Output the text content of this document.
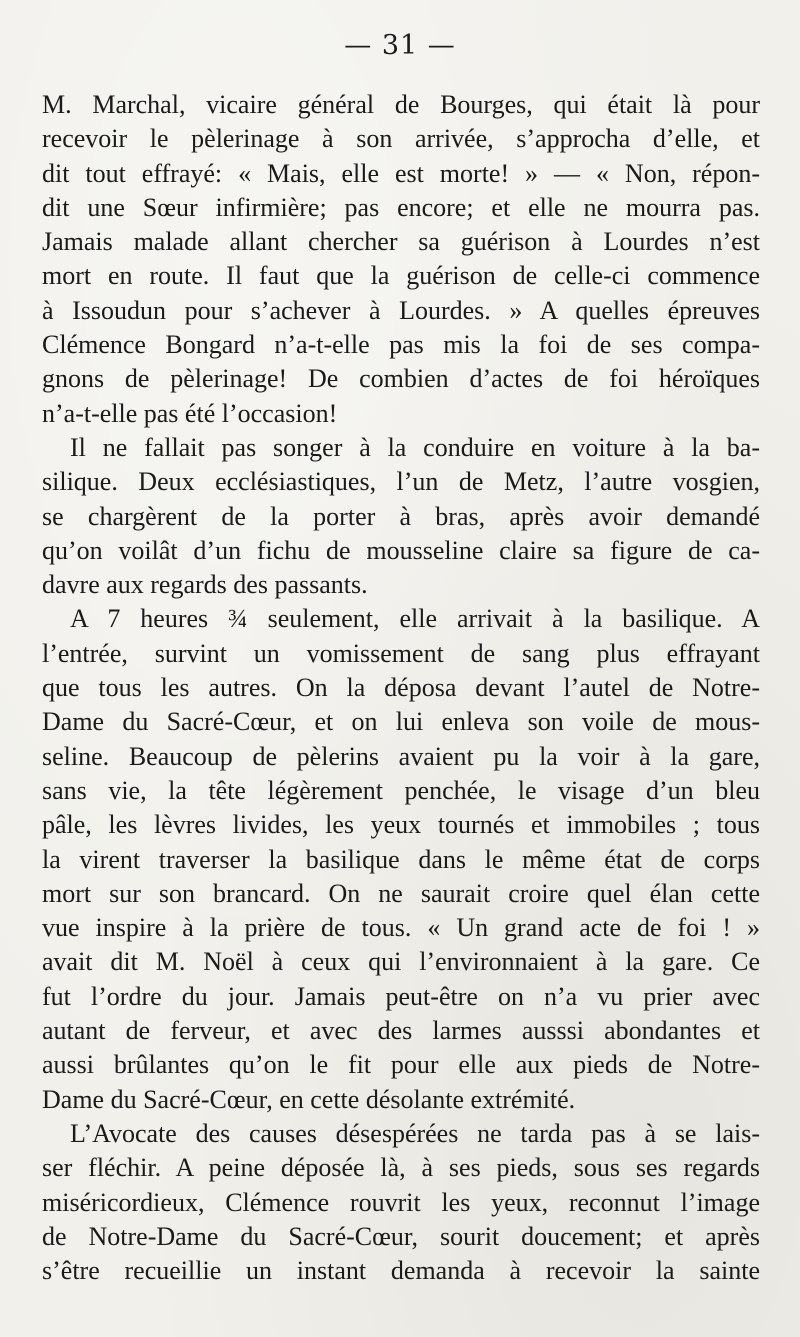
— 31 —
M. Marchal, vicaire général de Bourges, qui était là pour
recevoir le pèlerinage à son arrivée, s’approcha d’elle, et
dit tout effrayé: « Mais, elle est morte! » — « Non, répon-
dit une Sœur infirmière; pas encore; et elle ne mourra pas.
Jamais malade allant chercher sa guérison à Lourdes n’est
mort en route. Il faut que la guérison de celle-ci commence
à Issoudun pour s’achever à Lourdes. » A quelles épreuves
Clémence Bongard n’a-t-elle pas mis la foi de ses compa-
gnons de pèlerinage! De combien d’actes de foi héroïques
n’a-t-elle pas été l’occasion!
Il ne fallait pas songer à la conduire en voiture à la ba-
silique. Deux ecclésiastiques, l’un de Metz, l’autre vosgien,
se chargèrent de la porter à bras, après avoir demandé
qu’on voilât d’un fichu de mousseline claire sa figure de ca-
davre aux regards des passants.
A 7 heures ¾ seulement, elle arrivait à la basilique. A
l’entrée, survint un vomissement de sang plus effrayant
que tous les autres. On la déposa devant l’autel de Notre-
Dame du Sacré-Cœur, et on lui enleva son voile de mous-
seline. Beaucoup de pèlerins avaient pu la voir à la gare,
sans vie, la tête légèrement penchée, le visage d’un bleu
pâle, les lèvres livides, les yeux tournés et immobiles ; tous
la virent traverser la basilique dans le même état de corps
mort sur son brancard. On ne saurait croire quel élan cette
vue inspire à la prière de tous. « Un grand acte de foi ! »
avait dit M. Noël à ceux qui l’environnaient à la gare. Ce
fut l’ordre du jour. Jamais peut-être on n’a vu prier avec
autant de ferveur, et avec des larmes ausssi abondantes et
aussi brûlantes qu’on le fit pour elle aux pieds de Notre-
Dame du Sacré-Cœur, en cette désolante extrémité.
L’Avocate des causes désespérées ne tarda pas à se lais-
ser fléchir. A peine déposée là, à ses pieds, sous ses regards
miséricordieux, Clémence rouvrit les yeux, reconnut l’image
de Notre-Dame du Sacré-Cœur, sourit doucement; et après
s’être recueillie un instant demanda à recevoir la sainte
